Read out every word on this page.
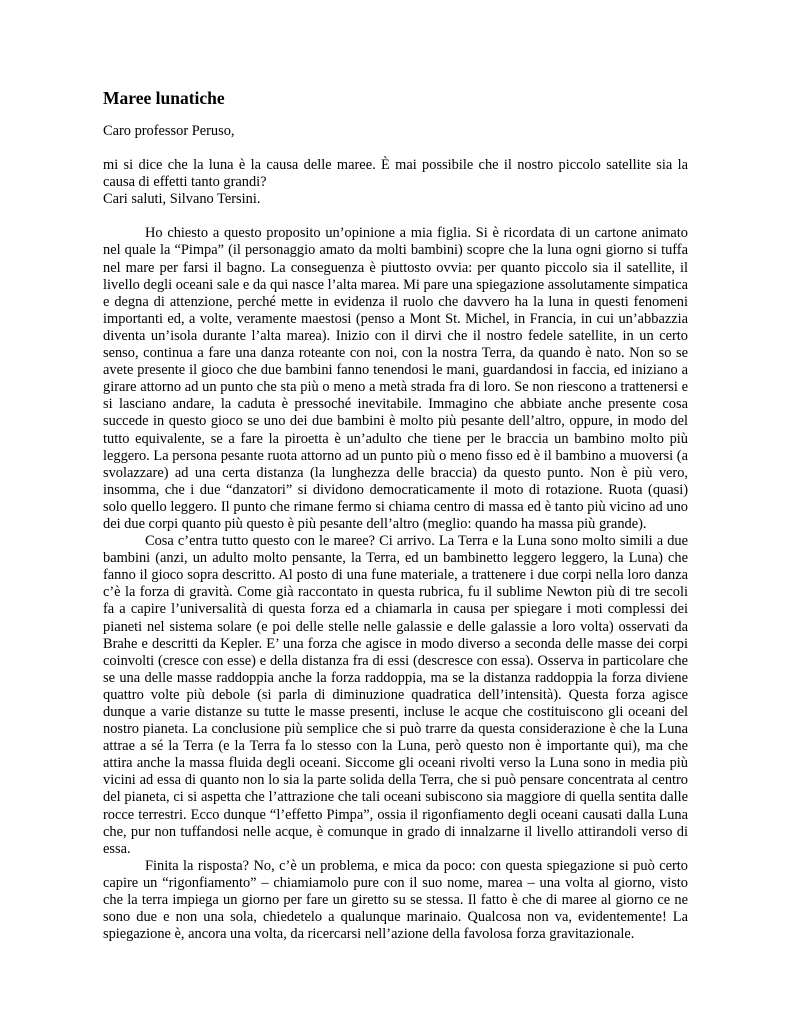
Maree lunatiche

Caro professor Peruso,

mi si dice che la luna è la causa delle maree. È mai possibile che il nostro piccolo satellite sia la causa di effetti tanto grandi?
Cari saluti, Silvano Tersini.

Ho chiesto a questo proposito un’opinione a mia figlia. Si è ricordata di un cartone animato nel quale la “Pimpa” (il personaggio amato da molti bambini) scopre che la luna ogni giorno si tuffa nel mare per farsi il bagno. La conseguenza è piuttosto ovvia: per quanto piccolo sia il satellite, il livello degli oceani sale e da qui nasce l’alta marea. Mi pare una spiegazione assolutamente simpatica e degna di attenzione, perché mette in evidenza il ruolo che davvero ha la luna in questi fenomeni importanti ed, a volte, veramente maestosi (penso a Mont St. Michel, in Francia, in cui un’abbazzia diventa un’isola durante l’alta marea). Inizio con il dirvi che il nostro fedele satellite, in un certo senso, continua a fare una danza roteante con noi, con la nostra Terra, da quando è nato. Non so se avete presente il gioco che due bambini fanno tenendosi le mani, guardandosi in faccia, ed iniziano a girare attorno ad un punto che sta più o meno a metà strada fra di loro. Se non riescono a trattenersi e si lasciano andare, la caduta è pressoché inevitabile. Immagino che abbiate anche presente cosa succede in questo gioco se uno dei due bambini è molto più pesante dell’altro, oppure, in modo del tutto equivalente, se a fare la piroetta è un’adulto che tiene per le braccia un bambino molto più leggero. La persona pesante ruota attorno ad un punto più o meno fisso ed è il bambino a muoversi (a svolazzare) ad una certa distanza (la lunghezza delle braccia) da questo punto. Non è più vero, insomma, che i due “danzatori” si dividono democraticamente il moto di rotazione. Ruota (quasi) solo quello leggero. Il punto che rimane fermo si chiama centro di massa ed è tanto più vicino ad uno dei due corpi quanto più questo è più pesante dell’altro (meglio: quando ha massa più grande).

Cosa c’entra tutto questo con le maree? Ci arrivo. La Terra e la Luna sono molto simili a due bambini (anzi, un adulto molto pensante, la Terra, ed un bambinetto leggero leggero, la Luna) che fanno il gioco sopra descritto. Al posto di una fune materiale, a trattenere i due corpi nella loro danza c’è la forza di gravità. Come già raccontato in questa rubrica, fu il sublime Newton più di tre secoli fa a capire l’universalità di questa forza ed a chiamarla in causa per spiegare i moti complessi dei pianeti nel sistema solare (e poi delle stelle nelle galassie e delle galassie a loro volta) osservati da Brahe e descritti da Kepler. E’ una forza che agisce in modo diverso a seconda delle masse dei corpi coinvolti (cresce con esse) e della distanza fra di essi (descresce con essa). Osserva in particolare che se una delle masse raddoppia anche la forza raddoppia, ma se la distanza raddoppia la forza diviene quattro volte più debole (si parla di diminuzione quadratica dell’intensità). Questa forza agisce dunque a varie distanze su tutte le masse presenti, incluse le acque che costituiscono gli oceani del nostro pianeta. La conclusione più semplice che si può trarre da questa considerazione è che la Luna attrae a sé la Terra (e la Terra fa lo stesso con la Luna, però questo non è importante qui), ma che attira anche la massa fluida degli oceani. Siccome gli oceani rivolti verso la Luna sono in media più vicini ad essa di quanto non lo sia la parte solida della Terra, che si può pensare concentrata al centro del pianeta, ci si aspetta che l’attrazione che tali oceani subiscono sia maggiore di quella sentita dalle rocce terrestri. Ecco dunque “l’effetto Pimpa”, ossia il rigonfiamento degli oceani causati dalla Luna che, pur non tuffandosi nelle acque, è comunque in grado di innalzarne il livello attirandoli verso di essa.

Finita la risposta? No, c’è un problema, e mica da poco: con questa spiegazione si può certo capire un “rigonfiamento” – chiamiamolo pure con il suo nome, marea – una volta al giorno, visto che la terra impiega un giorno per fare un giretto su se stessa. Il fatto è che di maree al giorno ce ne sono due e non una sola, chiedetelo a qualunque marinaio. Qualcosa non va, evidentemente! La spiegazione è, ancora una volta, da ricercarsi nell’azione della favolosa forza gravitazionale.
